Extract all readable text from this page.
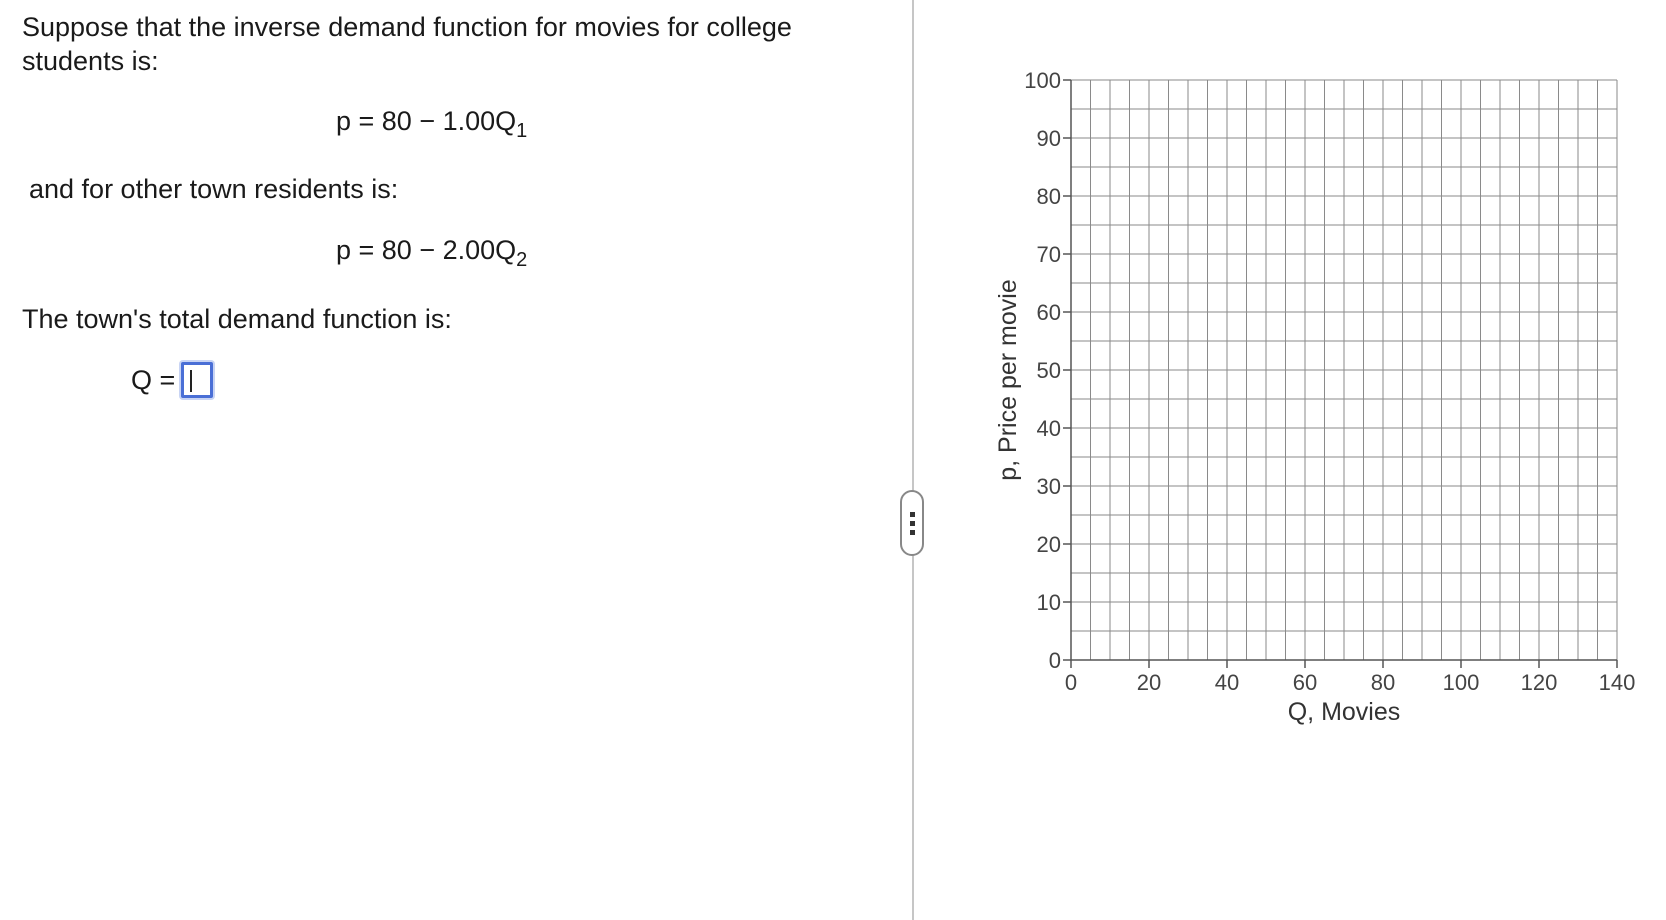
Suppose that the inverse demand function for movies for college students is:

$p = 80 - 1.00Q_1$

and for other town residents is:

$p = 80 - 2.00Q_2$

The town's total demand function is:

Q =
0
10
20
30
40
50
60
70
80
90
100
0	20 40 60 80 100 120 140
Q, Movies
p, Price per movie
